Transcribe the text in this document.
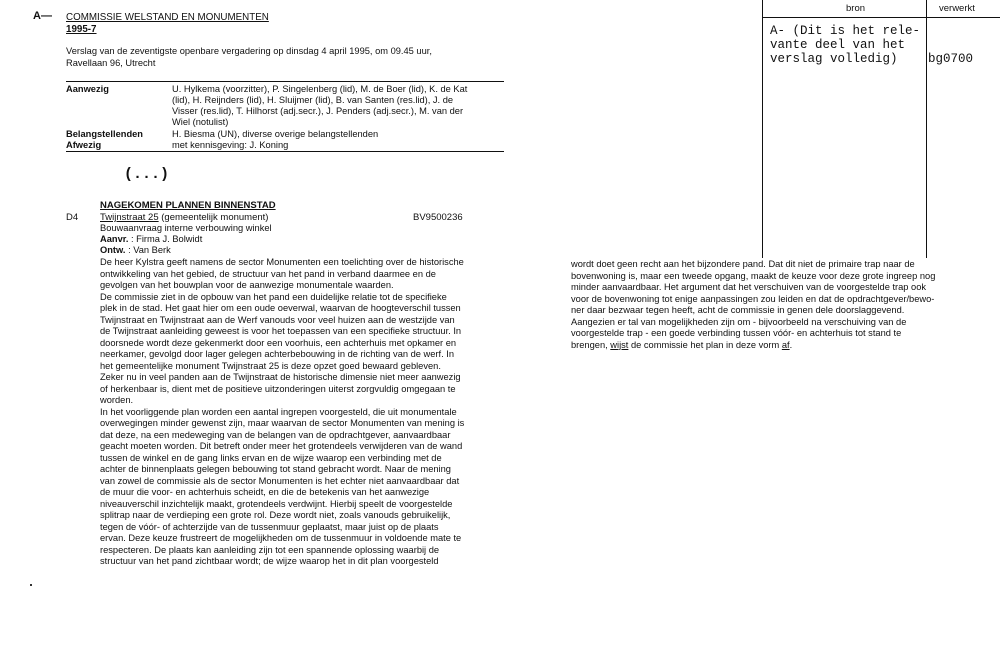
A— COMMISSIE WELSTAND EN MONUMENTEN
1995-7
Verslag van de zeventigste openbare vergadering op dinsdag 4 april 1995, om 09.45 uur,
Ravellaan 96, Utrecht
Aanwezig	U. Hylkema (voorzitter), P. Singelenberg (lid), M. de Boer (lid), K. de Kat
(lid), H. Reijnders (lid), H. Sluijmer (lid), B. van Santen (res.lid), J. de
Visser (res.lid), T. Hilhorst (adj.secr.), J. Penders (adj.secr.), M. van der
Wiel (notulist)
Belangstellenden	H. Biesma (UN), diverse overige belangstellenden
Afwezig	met kennisgeving: J. Koning
(...)
NAGEKOMEN PLANNEN BINNENSTAD
D4 Twijnstraat 25 (gemeentelijk monument)	BV9500236
Bouwaanvraag interne verbouwing winkel
Aanvr. : Firma J. Bolwidt
Ontw. : Van Berk
De heer Kylstra geeft namens de sector Monumenten een toelichting over de historische
ontwikkeling van het gebied, de structuur van het pand in verband daarmee en de
gevolgen van het bouwplan voor de aanwezige monumentale waarden.
De commissie ziet in de opbouw van het pand een duidelijke relatie tot de specifieke
plek in de stad. Het gaat hier om een oude oeverwal, waarvan de hoogteverschil tussen
Twijnstraat en Twijnstraat aan de Werf vanouds voor veel huizen aan de westzijde van
de Twijnstraat aanleiding geweest is voor het toepassen van een specifieke structuur. In
doorsnede wordt deze gekenmerkt door een voorhuis, een achterhuis met opkamer en
neerkamer, gevolgd door lager gelegen achterbebouwing in de richting van de werf. In
het gemeentelijke monument Twijnstraat 25 is deze opzet goed bewaard gebleven.
Zeker nu in veel panden aan de Twijnstraat de historische dimensie niet meer aanwezig
of herkenbaar is, dient met de positieve uitzonderingen uiterst zorgvuldig omgegaan te
worden.
In het voorliggende plan worden een aantal ingrepen voorgesteld, die uit monumentale
overwegingen minder gewenst zijn, maar waarvan de sector Monumenten van mening is
dat deze, na een medeweging van de belangen van de opdrachtgever, aanvaardbaar
geacht moeten worden. Dit betreft onder meer het grotendeels verwijderen van de wand
tussen de winkel en de gang links ervan en de wijze waarop een verbinding met de
achter de binnenplaats gelegen bebouwing tot stand gebracht wordt. Naar de mening
van zowel de commissie als de sector Monumenten is het echter niet aanvaardbaar dat
de muur die voor- en achterhuis scheidt, en die de betekenis van het aanwezige
niveauverschil inzichtelijk maakt, grotendeels verdwijnt. Hierbij speelt de voorgestelde
splitrap naar de verdieping een grote rol. Deze wordt niet, zoals vanouds gebruikelijk,
tegen de vóór- of achterzijde van de tussenmuur geplaatst, maar juist op de plaats
ervan. Deze keuze frustreert de mogelijkheden om de tussenmuur in voldoende mate te
respecteren. De plaats kan aanleiding zijn tot een spannende oplossing waarbij de
structuur van het pand zichtbaar wordt; de wijze waarop het in dit plan voorgesteld
wordt doet geen recht aan het bijzondere pand. Dat dit niet de primaire trap naar de
bovenwoning is, maar een tweede opgang, maakt de keuze voor deze grote ingreep nog
minder aanvaardbaar. Het argument dat het verschuiven van de voorgestelde trap ook
voor de bovenwoning tot enige aanpassingen zou leiden en dat de opdrachtgever/bewo-
ner daar bezwaar tegen heeft, acht de commissie in genen dele doorslaggevend.
Aangezien er tal van mogelijkheden zijn om - bijvoorbeeld na verschuiving van de
voorgestelde trap - een goede verbinding tussen vóór- en achterhuis tot stand te
brengen, wijst de commissie het plan in deze vorm af.
bron	verwerkt
A- (Dit is het rele-
vante deel van het
verslag volledig) bg0700
